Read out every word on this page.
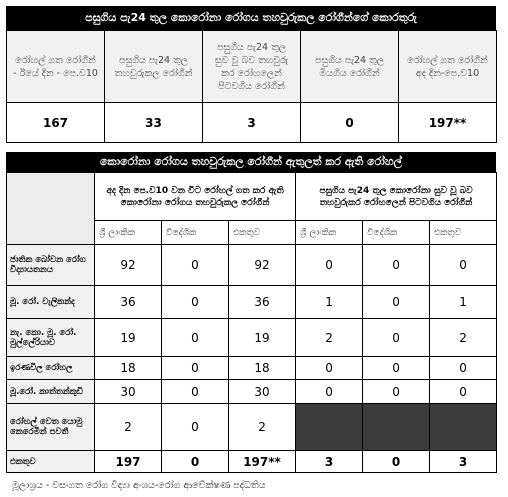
පසුගිය පැ24 තුල කොරෝනා රෝගය තහවුරුකල රෝගීන්ගේ කොරතුරු
රෝහල් ගත රෝගීන් - ඊයේ දින - පෙ.ව10	පසුගිය පැ24 තුල තහවුරුකල රෝගීන්	පසුගිය පැ24 තුල සුව වු බව තහවුරු කර රෝහලෙන් පිටවගිය රෝගීන්	පසුගිය පැ24 තුල මියගිය රෝගීන්	රෝහල් ගත රෝගීන් අද දින-පෙ.ව10
167	33	3	0	197**
කොරෝනා රෝගය තහවුරුකල රෝගීන් ඇතුලත් කර ඇති රෝහල්
	අද දින පෙ.ව10 වන විට රෝහල් ගත කර ඇති කොරෝනා රෝගය තහවුරුකල රෝගීන්			පසුගිය පැ24 තුල කොරෝනා සුව වූ බව තහවුරුකර රෝහලෙන් පිටවගිය රෝගීන්		
	ශ්‍රී ලාංකික	විදේශික	එකතුව	ශ්‍රී ලාංකික	විදේශික	එකතුව
ජාතික බෝවන රෝග විද්‍යායතනය	92	0	92	0	0	0
මූ. රෝ. වැලිකන්ද	36	0	36	1	0	1
නැ. කො. මූ. රෝ. මුල්ලේරියාව	19	0	19	2	0	2
ඉරණවිල රෝහල	18	0	18	0	0	0
මූ.රෝ. කාත්තන්කුඩි	30	0	30	0	0	0
රෝහල් වෙත යොමු කෙරෙමින් පවතී	2	0	2			
එකතුව	197	0	197**	3	0	3
මූලාශ්‍රය - වසංගත රෝග විද්‍යා අංශය-රෝග ආවේක්ෂණ පද්ධතිය
